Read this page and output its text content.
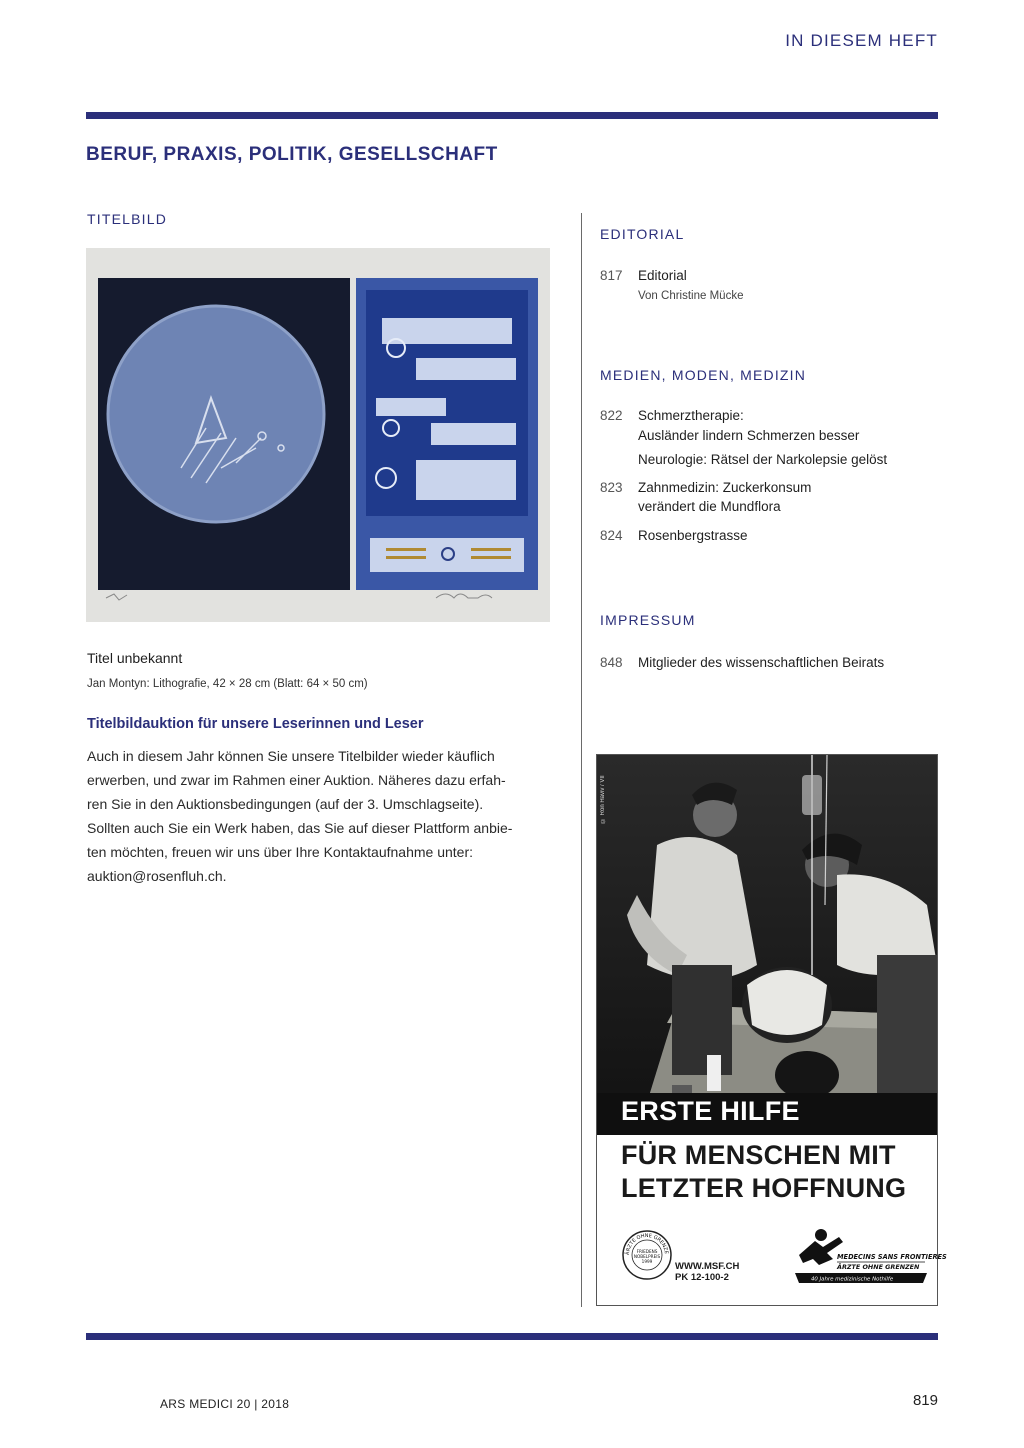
IN DIESEM HEFT
BERUF, PRAXIS, POLITIK, GESELLSCHAFT
TITELBILD
Titel unbekannt
Jan Montyn: Lithografie, 42 × 28 cm (Blatt: 64 × 50 cm)
Titelbildauktion für unsere Leserinnen und Leser
Auch in diesem Jahr können Sie unsere Titelbilder wieder käuflich
erwerben, und zwar im Rahmen einer Auktion. Näheres dazu erfah-
ren Sie in den Auktionsbedingungen (auf der 3. Umschlagseite).
Sollten auch Sie ein Werk haben, das Sie auf dieser Plattform anbie-
ten möchten, freuen wir uns über Ihre Kontaktaufnahme unter:
auktion@rosenfluh.ch.
EDITORIAL
817	Editorial
Von Christine Mücke
MEDIEN, MODEN, MEDIZIN
822	Schmerztherapie:
Ausländer lindern Schmerzen besser
Neurologie: Rätsel der Narkolepsie gelöst
823	Zahnmedizin: Zuckerkonsum
verändert die Mundflora
824	Rosenbergstrasse
IMPRESSUM
848	Mitglieder des wissenschaftlichen Beirats
© Ron Haviv / VII
ERSTE HILFE
FÜR MENSCHEN MIT
LETZTER HOFFNUNG
ÄRZTE OHNE GRENZE
FRIEDENS
NOBELPREIS
1999 WWW.MSF.CH
PK 12-100-2
MEDECINS SANS FRONTIERES
ÄRZTE OHNE GRENZEN
40 Jahre medizinische Nothilfe
ARS MEDICI 20 | 2018	819
